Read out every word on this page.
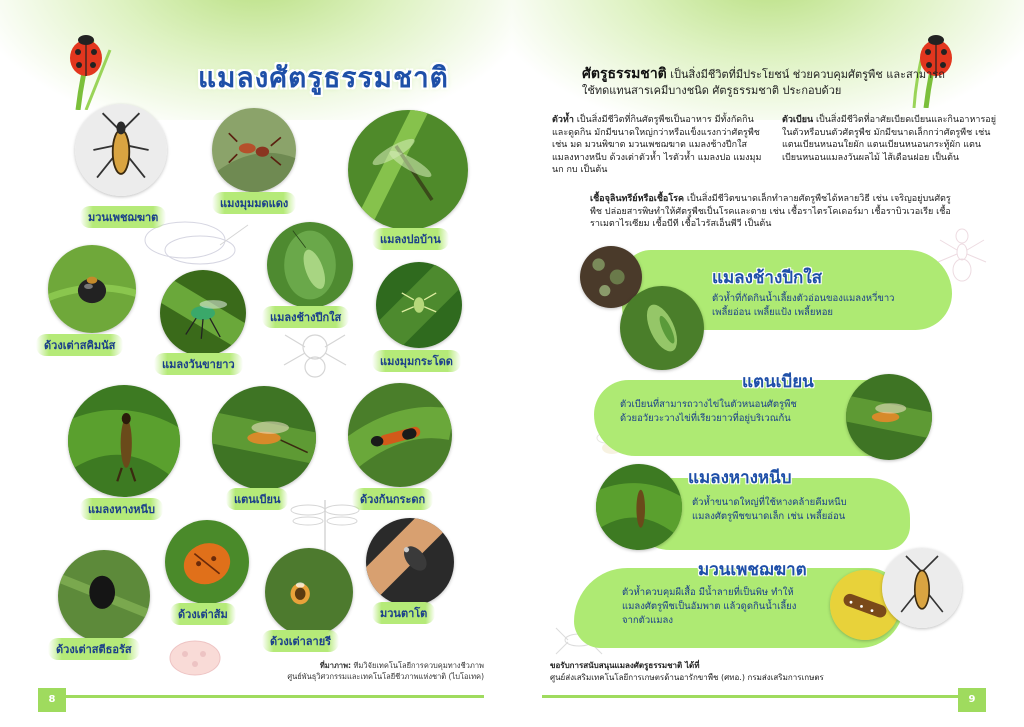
แมลงศัตรูธรรมชาติ
มวนเพชฌฆาต
แมงมุมมดแดง
แมลงปอบ้าน
ด้วงเต่าสคิมนัส
แมลงวันขายาว
แมลงช้างปีกใส
แมงมุมกระโดด
แมลงหางหนีบ
แตนเบียน	ด้วงก้นกระดก
ด้วงเต่าสตีธอรัส
ด้วงเต่าส้ม
ด้วงเต่าลายรี
มวนตาโต
ที่มาภาพ: ทีมวิจัยเทคโนโลยีการควบคุมทางชีวภาพ
ศูนย์พันธุวิศวกรรมและเทคโนโลยีชีวภาพแห่งชาติ (ไบโอเทค)
8
ศัตรูธรรมชาติ เป็นสิ่งมีชีวิตที่มีประโยชน์ ช่วยควบคุมศัตรูพืช และสามารถใช้ทดแทนสารเคมีบางชนิด ศัตรูธรรมชาติ ประกอบด้วย
ตัวห้ำ เป็นสิ่งมีชีวิตที่กินศัตรูพืชเป็นอาหาร มีทั้งกัดกินและดูดกิน มักมีขนาดใหญ่กว่าหรือแข็งแรงกว่าศัตรูพืช เช่น มด มวนพิฆาต มวนเพชฌฆาต แมลงช้างปีกใส แมลงหางหนีบ ด้วงเต่าตัวห้ำ ไรตัวห้ำ แมลงปอ แมงมุม นก กบ เป็นต้น
ตัวเบียน เป็นสิ่งมีชีวิตที่อาศัยเบียดเบียนและกินอาหารอยู่ในตัวหรือบนตัวศัตรูพืช มักมีขนาดเล็กกว่าศัตรูพืช เช่น แตนเบียนหนอนใยผัก แตนเบียนหนอนกระทู้ผัก แตนเบียนหนอนแมลงวันผลไม้ ไส้เดือนฝอย เป็นต้น
เชื้อจุลินทรีย์หรือเชื้อโรค เป็นสิ่งมีชีวิตขนาดเล็กทำลายศัตรูพืชได้หลายวิธี เช่น เจริญอยู่บนศัตรูพืช ปล่อยสารพิษทำให้ศัตรูพืชเป็นโรคและตาย เช่น เชื้อราไตรโคเดอร์มา เชื้อราบิวเวอเรีย เชื้อราเมตาไรเซียม เชื้อบีที เชื้อไวรัสเอ็นพีวี เป็นต้น
แมลงช้างปีกใส
ตัวห้ำที่กัดกินน้ำเลี้ยงตัวอ่อนของแมลงหวี่ขาว
เพลี้ยอ่อน เพลี้ยแป้ง เพลี้ยหอย
แตนเบียน
ตัวเบียนที่สามารถวางไข่ในตัวหนอนศัตรูพืช
ด้วยอวัยวะวางไข่ที่เรียวยาวที่อยู่บริเวณก้น
แมลงหางหนีบ
ตัวห้ำขนาดใหญ่ที่ใช้หางคล้ายคีมหนีบ
แมลงศัตรูพืชขนาดเล็ก เช่น เพลี้ยอ่อน
มวนเพชฌฆาต
ตัวห้ำควบคุมผีเสื้อ มีน้ำลายที่เป็นพิษ ทำให้
แมลงศัตรูพืชเป็นอัมพาต แล้วดูดกินน้ำเลี้ยง
จากตัวแมลง
ขอรับการสนับสนุนแมลงศัตรูธรรมชาติ ได้ที่
ศูนย์ส่งเสริมเทคโนโลยีการเกษตรด้านอารักขาพืช (ศทอ.) กรมส่งเสริมการเกษตร
9
